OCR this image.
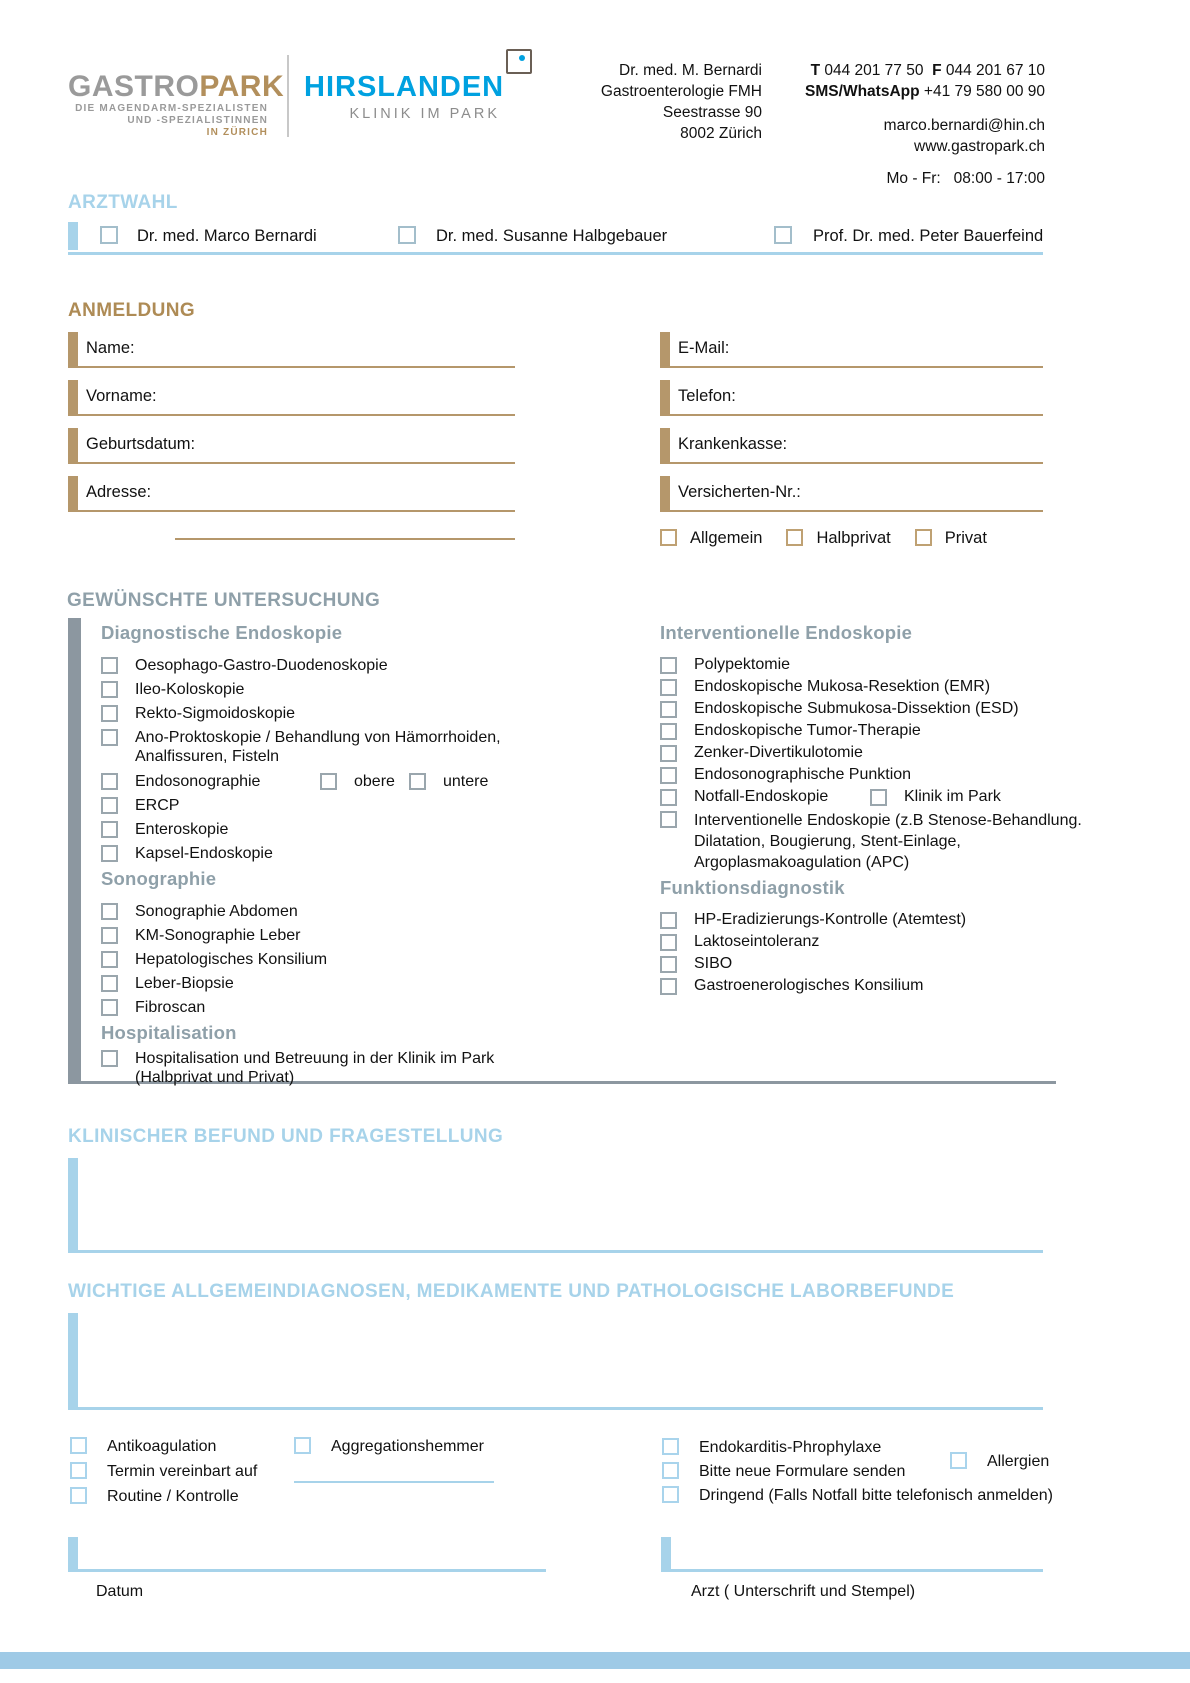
GASTROPARK
DIE MAGENDARM-SPEZIALISTEN
UND -SPEZIALISTINNEN
IN ZÜRICH
HIRSLANDEN
KLINIK IM PARK
Dr. med. M. Bernardi
Gastroenterologie FMH
Seestrasse 90
8002 Zürich
T 044 201 77 50 F 044 201 67 10
SMS/WhatsApp +41 79 580 00 90
marco.bernardi@hin.ch
www.gastropark.ch
Mo - Fr:   08:00 - 17:00
ARZTWAHL
Dr. med. Marco Bernardi	Dr. med. Susanne Halbgebauer	Prof. Dr. med. Peter Bauerfeind
ANMELDUNG
Name:
Vorname:
Geburtsdatum:
Adresse:
E-Mail:
Telefon:
Krankenkasse:
Versicherten-Nr.:
Allgemein	Halbprivat	Privat
GEWÜNSCHTE UNTERSUCHUNG
Diagnostische Endoskopie
Oesophago-Gastro-Duodenoskopie
Ileo-Koloskopie
Rekto-Sigmoidoskopie
Ano-Proktoskopie / Behandlung von Hämorrhoiden, Analfissuren, Fisteln
Endosonographie	obere	untere
ERCP
Enteroskopie
Kapsel-Endoskopie
Sonographie
Sonographie Abdomen
KM-Sonographie Leber
Hepatologisches Konsilium
Leber-Biopsie
Fibroscan
Hospitalisation
Hospitalisation und Betreuung in der Klinik im Park (Halbprivat und Privat)
Interventionelle Endoskopie
Polypektomie
Endoskopische Mukosa-Resektion (EMR)
Endoskopische Submukosa-Dissektion (ESD)
Endoskopische Tumor-Therapie
Zenker-Divertikulotomie
Endosonographische Punktion
Notfall-Endoskopie	Klinik im Park
Interventionelle Endoskopie (z.B Stenose-Behandlung. Dilatation, Bougierung, Stent-Einlage, Argoplasmakoagulation (APC)
Funktionsdiagnostik
HP-Eradizierungs-Kontrolle (Atemtest)
Laktoseintoleranz
SIBO
Gastroenerologisches Konsilium
KLINISCHER BEFUND UND FRAGESTELLUNG
WICHTIGE ALLGEMEINDIAGNOSEN, MEDIKAMENTE UND PATHOLOGISCHE LABORBEFUNDE
Antikoagulation	Aggregationshemmer
Termin vereinbart auf
Routine / Kontrolle
Endokarditis-Phrophylaxe
Allergien
Bitte neue Formulare senden
Dringend (Falls Notfall bitte telefonisch anmelden)
Datum	Arzt ( Unterschrift und Stempel)
